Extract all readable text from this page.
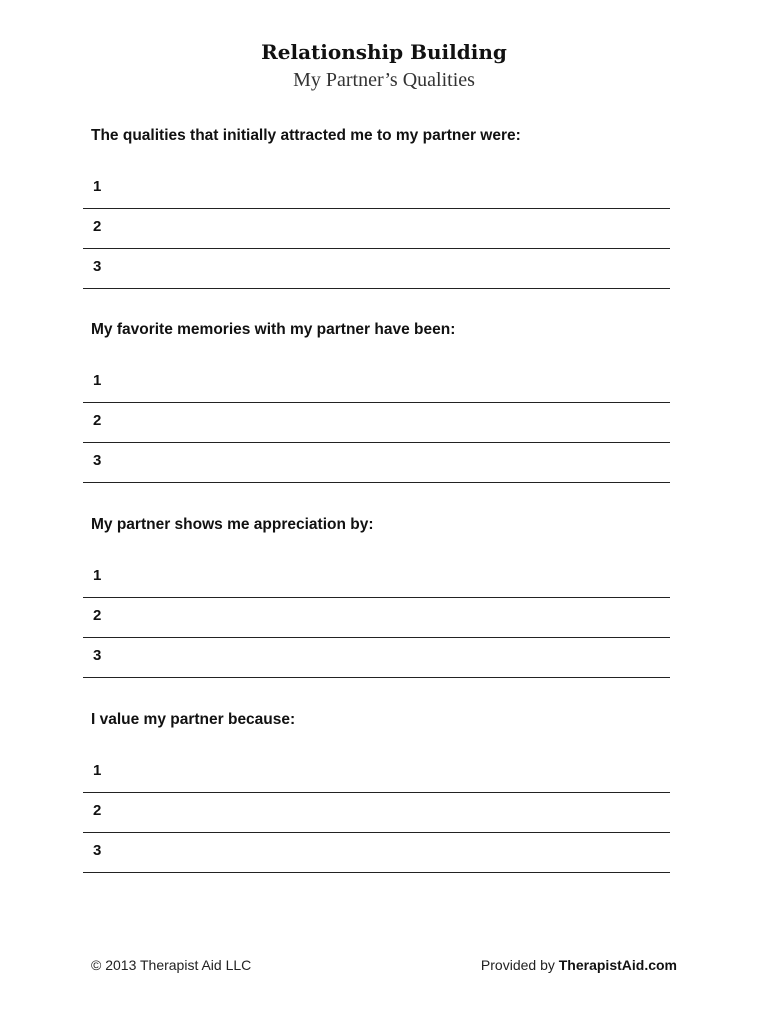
Relationship Building
My Partner’s Qualities
The qualities that initially attracted me to my partner were:
1
2
3
My favorite memories with my partner have been:
1
2
3
My partner shows me appreciation by:
1
2
3
I value my partner because:
1
2
3
© 2013 Therapist Aid LLC	Provided by TherapistAid.com
